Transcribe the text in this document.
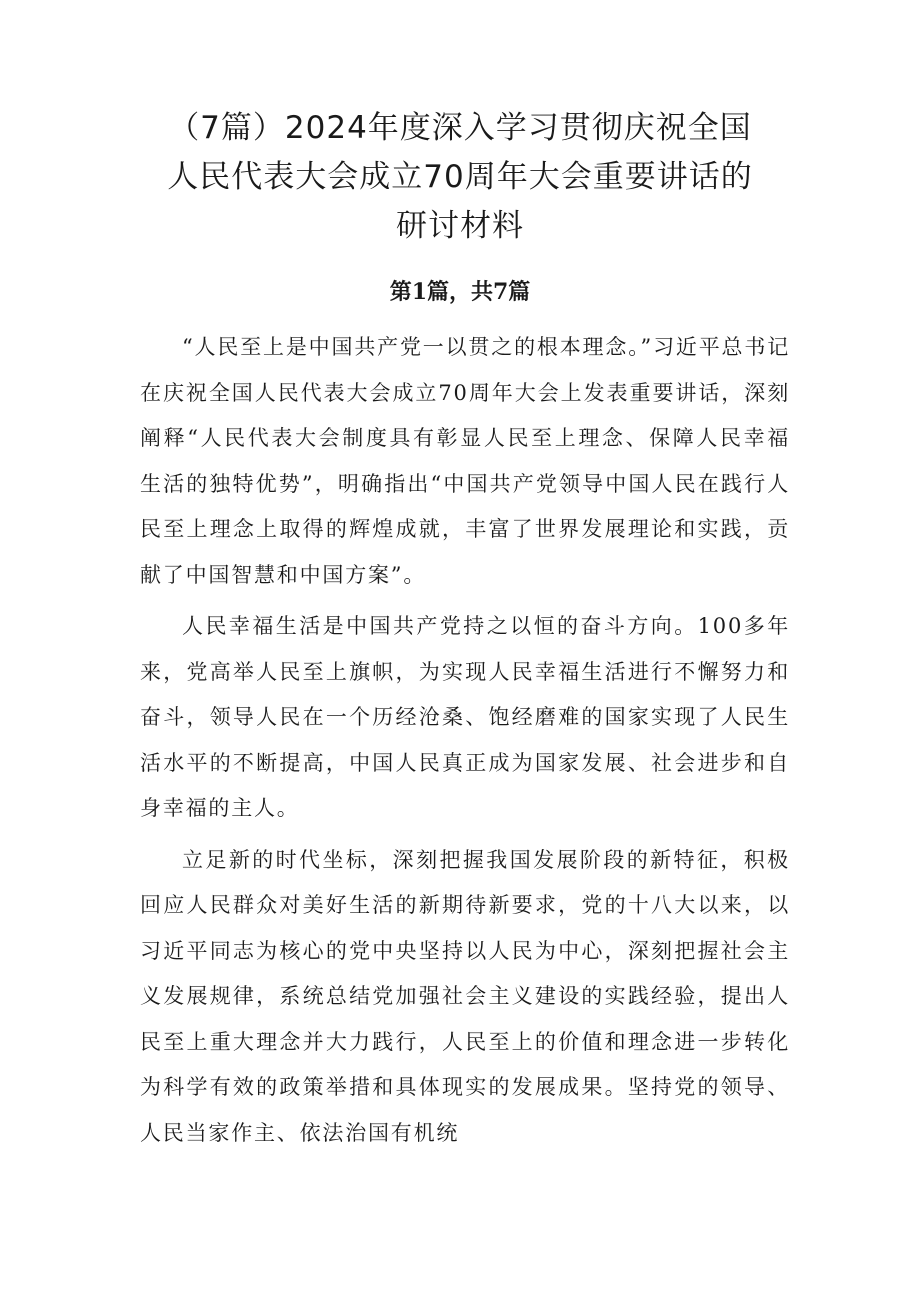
（7篇）2024年度深入学习贯彻庆祝全国
人民代表大会成立70周年大会重要讲话的
研讨材料

第1篇，共7篇

“人民至上是中国共产党一以贯之的根本理念。”习近平总书记在庆祝全国人民代表大会成立70周年大会上发表重要讲话，深刻阐释“人民代表大会制度具有彰显人民至上理念、保障人民幸福生活的独特优势”，明确指出“中国共产党领导中国人民在践行人民至上理念上取得的辉煌成就，丰富了世界发展理论和实践，贡献了中国智慧和中国方案”。

人民幸福生活是中国共产党持之以恒的奋斗方向。100多年来，党高举人民至上旗帜，为实现人民幸福生活进行不懈努力和奋斗，领导人民在一个历经沧桑、饱经磨难的国家实现了人民生活水平的不断提高，中国人民真正成为国家发展、社会进步和自身幸福的主人。

立足新的时代坐标，深刻把握我国发展阶段的新特征，积极回应人民群众对美好生活的新期待新要求，党的十八大以来，以习近平同志为核心的党中央坚持以人民为中心，深刻把握社会主义发展规律，系统总结党加强社会主义建设的实践经验，提出人民至上重大理念并大力践行，人民至上的价值和理念进一步转化为科学有效的政策举措和具体现实的发展成果。坚持党的领导、人民当家作主、依法治国有机统
